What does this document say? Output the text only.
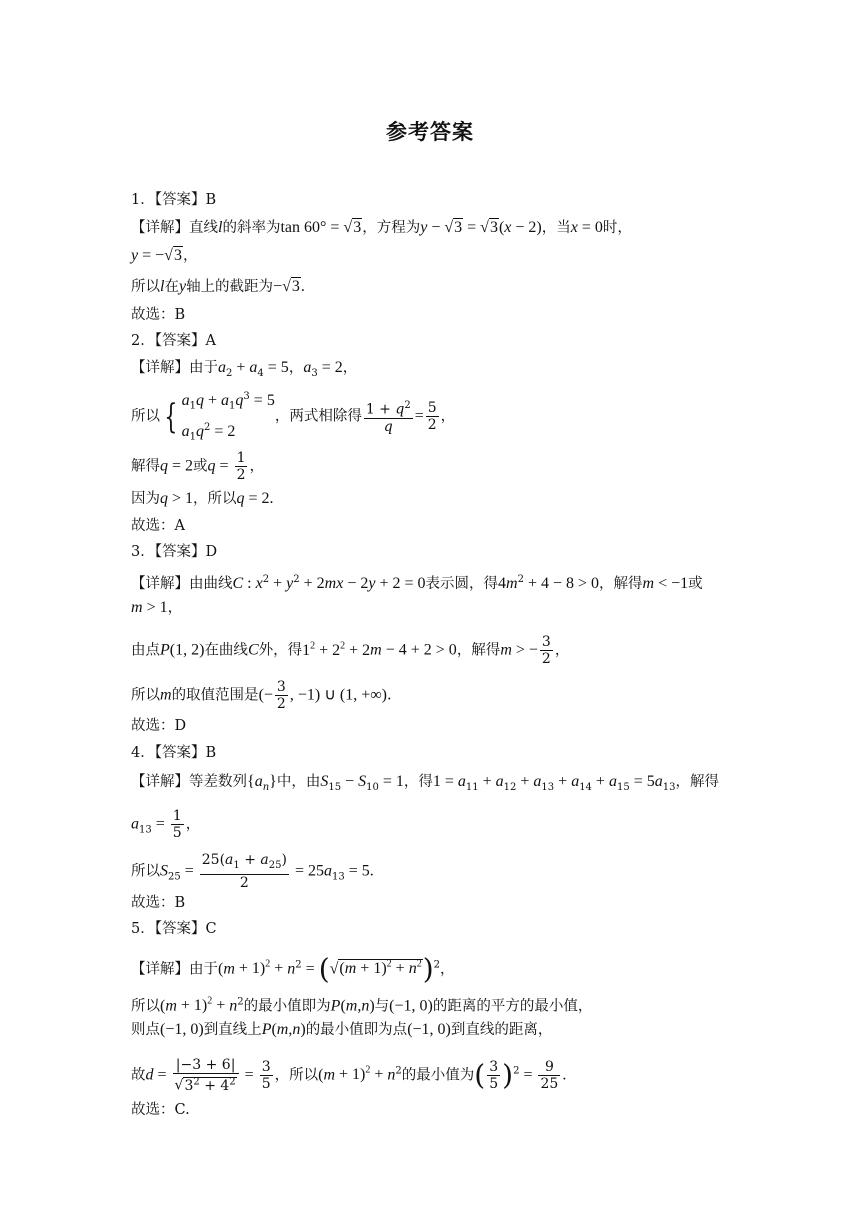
参考答案
1．【答案】B
【详解】直线l的斜率为tan 60° = √3，方程为y − √3 = √3(x − 2)，当x = 0时，
y = −√3，
所以l在y轴上的截距为−√3.
故选：B
2．【答案】A
【详解】由于$a_2 + a_4 = 5$，$a_3 = 2$，
所以 { $a_1q + a_1q^3 = 5$
$a_1q^2 = 2$，两式相除得 $\frac{1 + q^2}{q} = \frac{5}{2}$ ，
解得q = 2或$q = \frac{1}{2}$ ，
因为q > 1，所以q = 2.
故选：A
3．【答案】D
【详解】由曲线C : $x^2 + y^2 + 2mx - 2y + 2 = 0$表示圆，得$4m^2 + 4 - 8 > 0$，解得m < −1或
m > 1，
由点P(1, 2)在曲线C外，得$1^2 + 2^2 + 2m - 4 + 2 > 0$，解得m > − $\frac{3}{2}$ ，
所以m的取值范围是(− $\frac{3}{2}$ , −1) ∪ (1, +∞).
故选：D
4．【答案】B
【详解】等差数列$\{a_n\}$中，由$S_{15} - S_{10} = 1$，得$1 = a_{11} + a_{12} + a_{13} + a_{14} + a_{15} = 5a_{13}$，解得
$a_{13} = \frac{1}{5}$ ，
所以$S_{25} = \frac{25(a_1 + a_{25})}{2} = 25a_{13} = 5$.
故选：B
5．【答案】C
【详解】由于$(m + 1)^2 + n^2 = (√(m + 1)^2 + n^2)^2$，
所以$(m + 1)^2 + n^2$的最小值即为P(m,n)与(−1, 0)的距离的平方的最小值，
则点(−1, 0)到直线上P(m,n)的最小值即为点(−1, 0)到直线的距离，
故$d = \frac{|-3 + 6|}{√3^2 + 4^2} = \frac{3}{5}$ ，所以$(m + 1)^2 + n^2$的最小值为( $\frac{3}{5} )^2 = \frac{9}{25}$ .
故选：C.
